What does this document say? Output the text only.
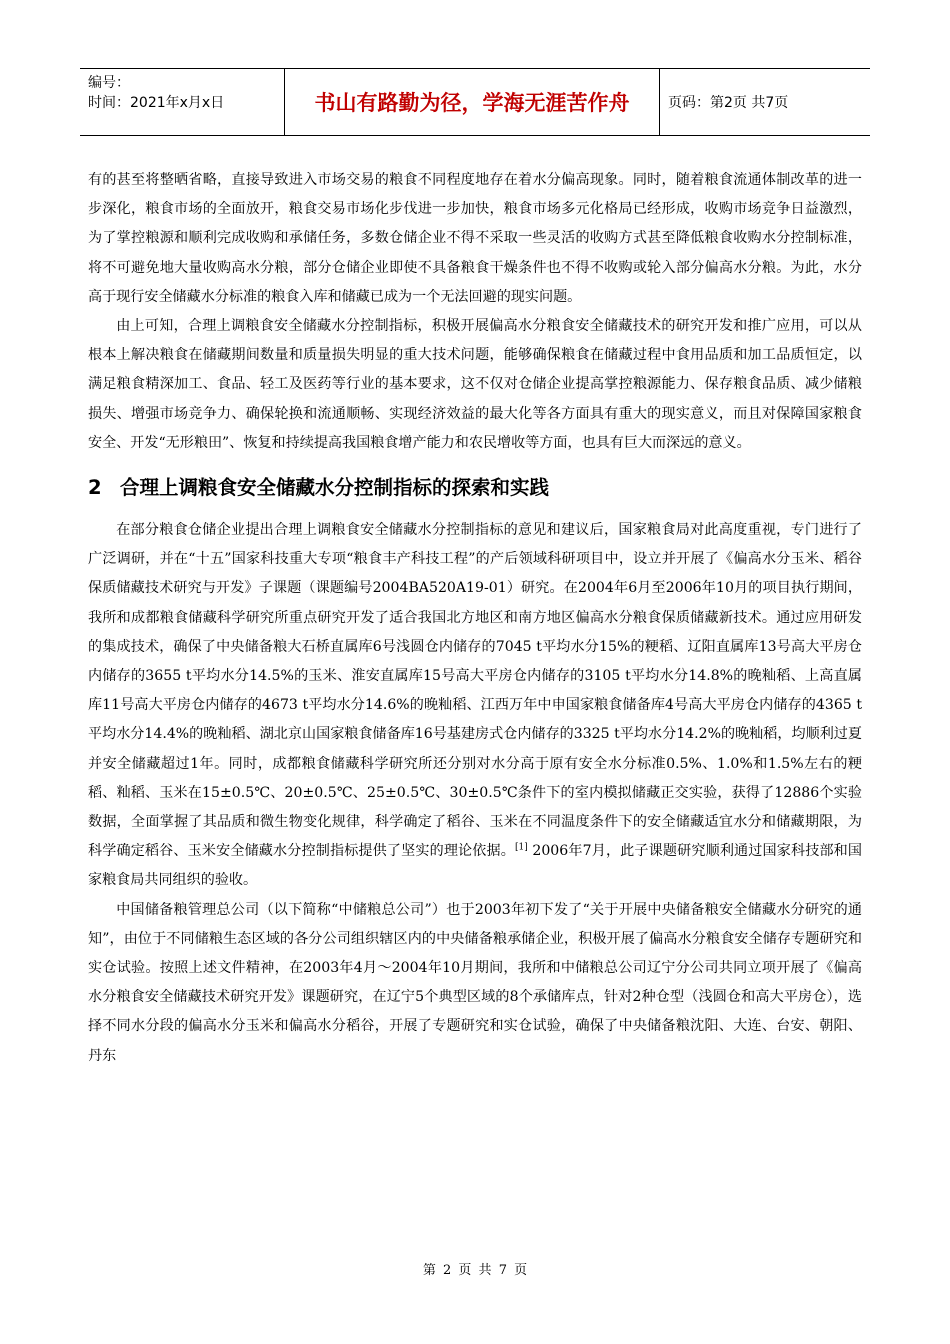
编号：
时间：2021年x月x日	书山有路勤为径，学海无涯苦作舟	页码：第2页 共7页

有的甚至将整晒省略，直接导致进入市场交易的粮食不同程度地存在着水分偏高现象。同时，随着粮食流通体制改革的进一步深化，粮食市场的全面放开，粮食交易市场化步伐进一步加快，粮食市场多元化格局已经形成，收购市场竞争日益激烈，为了掌控粮源和顺利完成收购和承储任务，多数仓储企业不得不采取一些灵活的收购方式甚至降低粮食收购水分控制标准，将不可避免地大量收购高水分粮，部分仓储企业即使不具备粮食干燥条件也不得不收购或轮入部分偏高水分粮。为此，水分高于现行安全储藏水分标准的粮食入库和储藏已成为一个无法回避的现实问题。

由上可知，合理上调粮食安全储藏水分控制指标，积极开展偏高水分粮食安全储藏技术的研究开发和推广应用，可以从根本上解决粮食在储藏期间数量和质量损失明显的重大技术问题，能够确保粮食在储藏过程中食用品质和加工品质恒定，以满足粮食精深加工、食品、轻工及医药等行业的基本要求，这不仅对仓储企业提高掌控粮源能力、保存粮食品质、减少储粮损失、增强市场竞争力、确保轮换和流通顺畅、实现经济效益的最大化等各方面具有重大的现实意义，而且对保障国家粮食安全、开发“无形粮田”、恢复和持续提高我国粮食增产能力和农民增收等方面，也具有巨大而深远的意义。

2 合理上调粮食安全储藏水分控制指标的探索和实践

在部分粮食仓储企业提出合理上调粮食安全储藏水分控制指标的意见和建议后，国家粮食局对此高度重视，专门进行了广泛调研，并在“十五”国家科技重大专项“粮食丰产科技工程”的产后领域科研项目中，设立并开展了《偏高水分玉米、稻谷保质储藏技术研究与开发》子课题（课题编号2004BA520A19-01）研究。在2004年6月至2006年10月的项目执行期间，我所和成都粮食储藏科学研究所重点研究开发了适合我国北方地区和南方地区偏高水分粮食保质储藏新技术。通过应用研发的集成技术，确保了中央储备粮大石桥直属库6号浅圆仓内储存的7045 t平均水分15%的粳稻、辽阳直属库13号高大平房仓内储存的3655 t平均水分14.5%的玉米、淮安直属库15号高大平房仓内储存的3105 t平均水分14.8%的晚籼稻、上高直属库11号高大平房仓内储存的4673 t平均水分14.6%的晚籼稻、江西万年中申国家粮食储备库4号高大平房仓内储存的4365 t平均水分14.4%的晚籼稻、湖北京山国家粮食储备库16号基建房式仓内储存的3325 t平均水分14.2%的晚籼稻，均顺利过夏并安全储藏超过1年。同时，成都粮食储藏科学研究所还分别对水分高于原有安全水分标准0.5%、1.0%和1.5%左右的粳稻、籼稻、玉米在15±0.5℃、20±0.5℃、25±0.5℃、30±0.5℃条件下的室内模拟储藏正交实验，获得了12886个实验数据，全面掌握了其品质和微生物变化规律，科学确定了稻谷、玉米在不同温度条件下的安全储藏适宜水分和储藏期限，为科学确定稻谷、玉米安全储藏水分控制指标提供了坚实的理论依据。[1] 2006年7月，此子课题研究顺利通过国家科技部和国家粮食局共同组织的验收。

中国储备粮管理总公司（以下简称“中储粮总公司”）也于2003年初下发了“关于开展中央储备粮安全储藏水分研究的通知”，由位于不同储粮生态区域的各分公司组织辖区内的中央储备粮承储企业，积极开展了偏高水分粮食安全储存专题研究和实仓试验。按照上述文件精神，在2003年4月～2004年10月期间，我所和中储粮总公司辽宁分公司共同立项开展了《偏高水分粮食安全储藏技术研究开发》课题研究，在辽宁5个典型区域的8个承储库点，针对2种仓型（浅圆仓和高大平房仓），选择不同水分段的偏高水分玉米和偏高水分稻谷，开展了专题研究和实仓试验，确保了中央储备粮沈阳、大连、台安、朝阳、丹东

第 2 页 共 7 页
